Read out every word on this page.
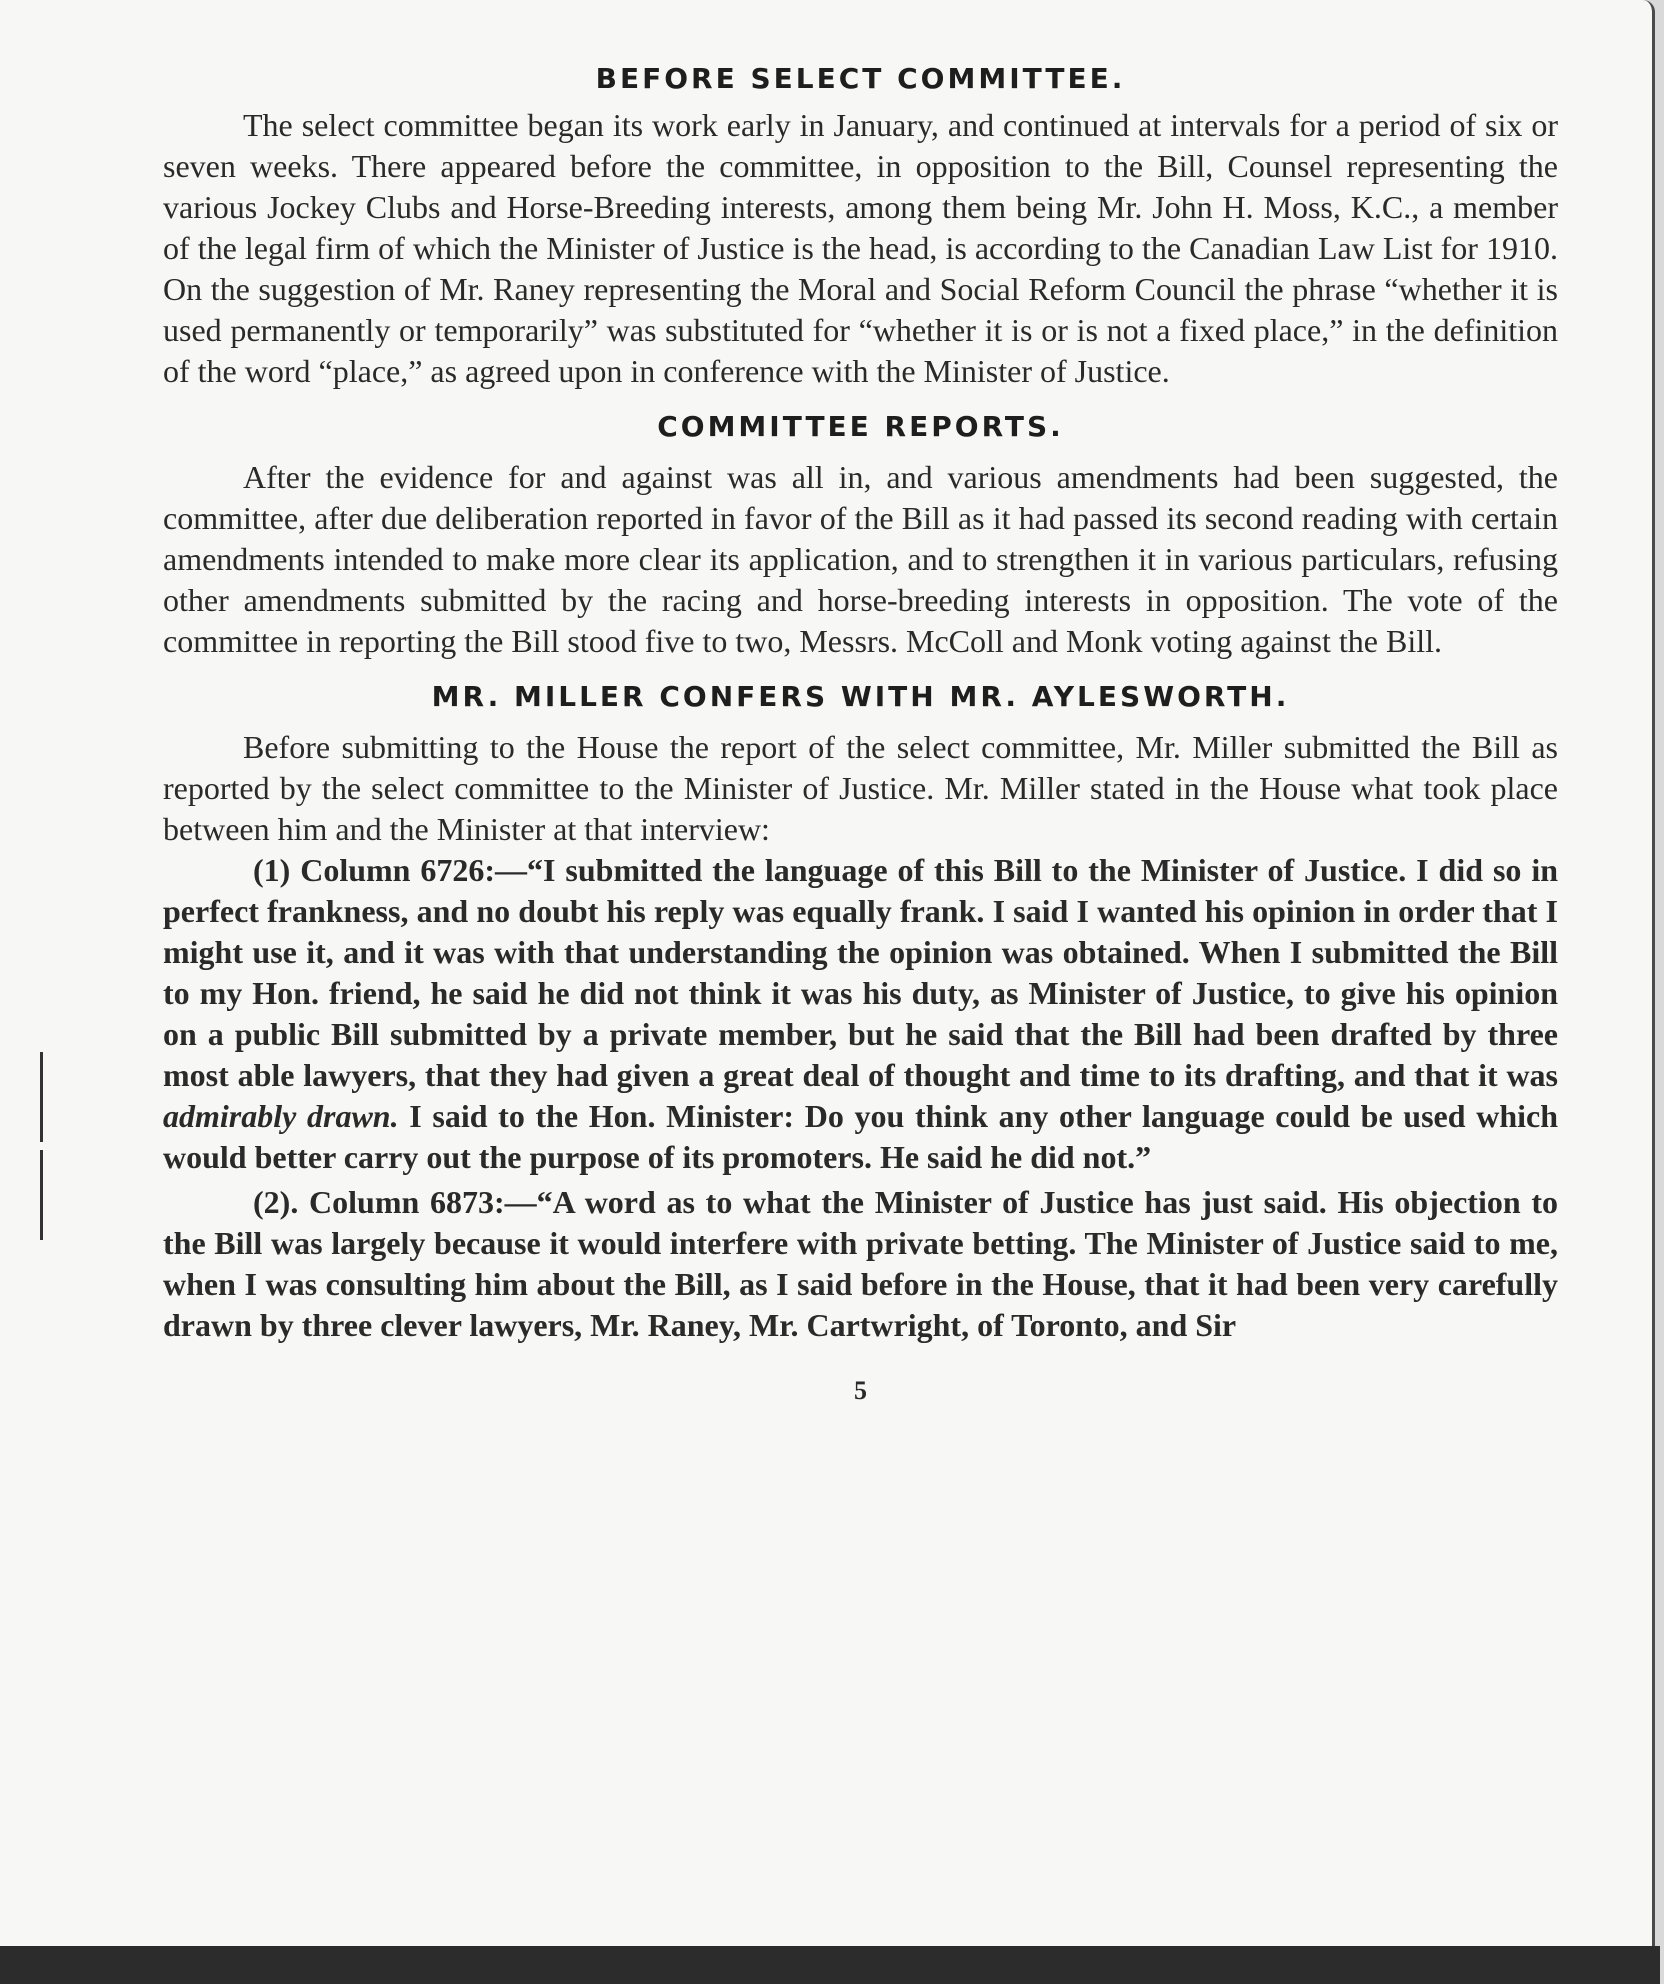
BEFORE SELECT COMMITTEE.

The select committee began its work early in January, and continued at intervals for a period of six or seven weeks. There appeared before the committee, in opposition to the Bill, Counsel representing the various Jockey Clubs and Horse-Breeding interests, among them being Mr. John H. Moss, K.C., a member of the legal firm of which the Minister of Justice is the head, is according to the Canadian Law List for 1910. On the suggestion of Mr. Raney representing the Moral and Social Reform Council the phrase “whether it is used permanently or temporarily” was substituted for “whether it is or is not a fixed place,” in the definition of the word “place,” as agreed upon in conference with the Minister of Justice.

COMMITTEE REPORTS.

After the evidence for and against was all in, and various amendments had been suggested, the committee, after due deliberation reported in favor of the Bill as it had passed its second reading with certain amendments intended to make more clear its application, and to strengthen it in various particulars, refusing other amendments submitted by the racing and horse-breeding interests in opposition. The vote of the committee in reporting the Bill stood five to two, Messrs. McColl and Monk voting against the Bill.

MR. MILLER CONFERS WITH MR. AYLESWORTH.

Before submitting to the House the report of the select committee, Mr. Miller submitted the Bill as reported by the select committee to the Minister of Justice. Mr. Miller stated in the House what took place between him and the Minister at that interview:

(1) Column 6726:—“I submitted the language of this Bill to the Minister of Justice. I did so in perfect frankness, and no doubt his reply was equally frank. I said I wanted his opinion in order that I might use it, and it was with that understanding the opinion was obtained. When I submitted the Bill to my Hon. friend, he said he did not think it was his duty, as Minister of Justice, to give his opinion on a public Bill submitted by a private member, but he said that the Bill had been drafted by three most able lawyers, that they had given a great deal of thought and time to its drafting, and that it was admirably drawn. I said to the Hon. Minister: Do you think any other language could be used which would better carry out the purpose of its promoters. He said he did not.”

(2). Column 6873:—“A word as to what the Minister of Justice has just said. His objection to the Bill was largely because it would interfere with private betting. The Minister of Justice said to me, when I was consulting him about the Bill, as I said before in the House, that it had been very carefully drawn by three clever lawyers, Mr. Raney, Mr. Cartwright, of Toronto, and Sir

5
